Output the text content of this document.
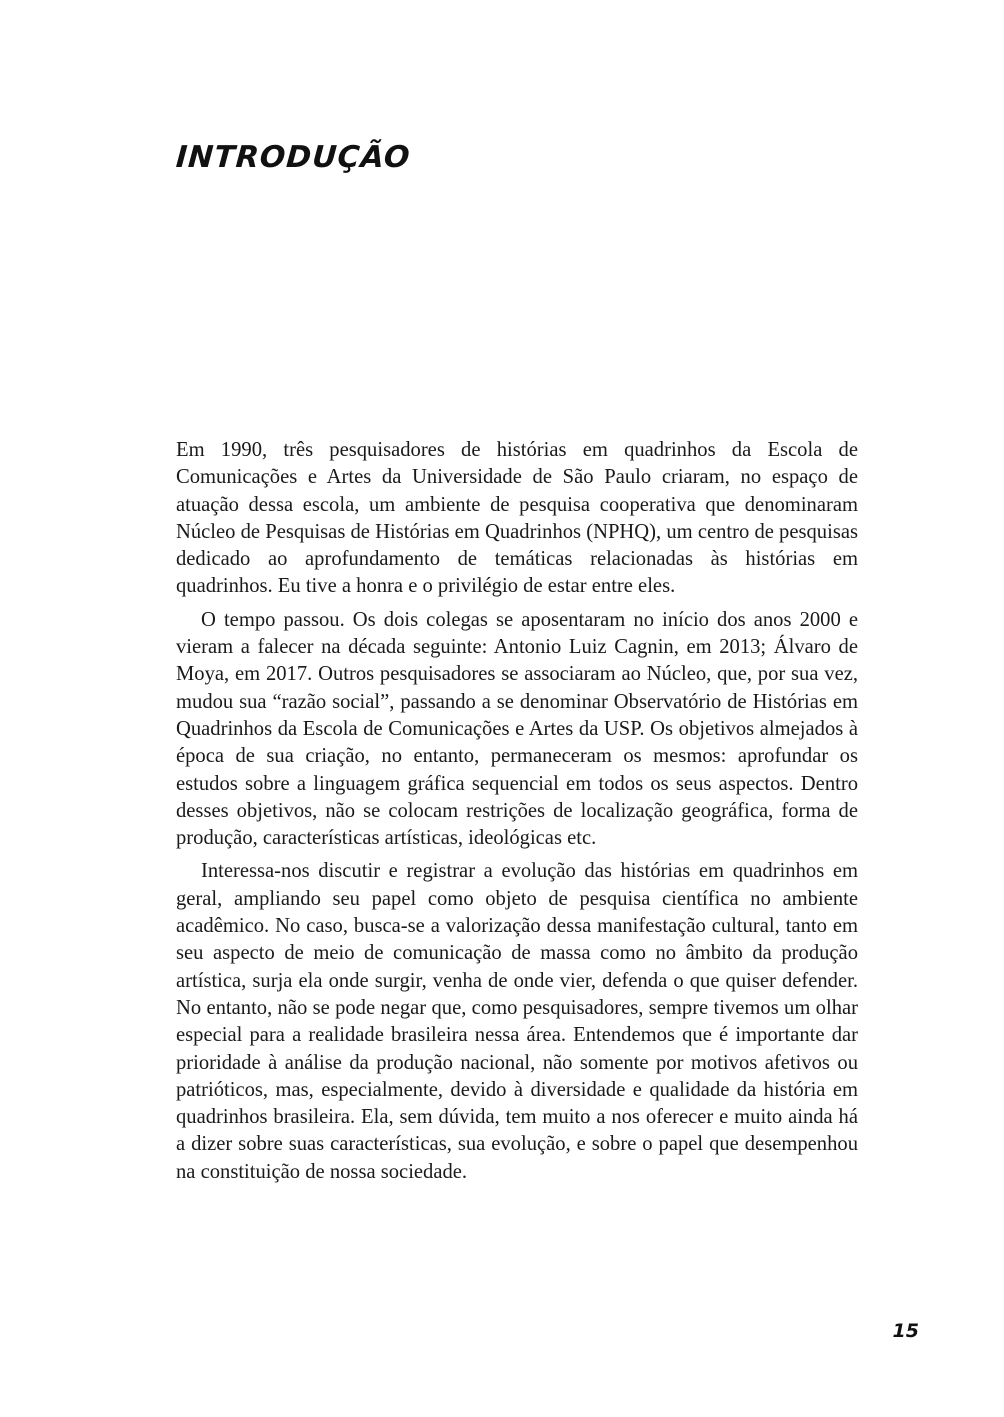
INTRODUÇÃO

Em 1990, três pesquisadores de histórias em quadrinhos da Escola de Comunicações e Artes da Universidade de São Paulo criaram, no espaço de atuação dessa escola, um ambiente de pesquisa cooperativa que denominaram Núcleo de Pesquisas de Histórias em Quadrinhos (NPHQ), um centro de pesquisas dedicado ao aprofundamento de temáticas relacionadas às histórias em quadrinhos. Eu tive a honra e o privilégio de estar entre eles.

O tempo passou. Os dois colegas se aposentaram no início dos anos 2000 e vieram a falecer na década seguinte: Antonio Luiz Cagnin, em 2013; Álvaro de Moya, em 2017. Outros pesquisadores se associaram ao Núcleo, que, por sua vez, mudou sua “razão social”, passando a se denominar Observatório de Histórias em Quadrinhos da Escola de Comunicações e Artes da USP. Os objetivos almejados à época de sua criação, no entanto, permaneceram os mesmos: aprofundar os estudos sobre a linguagem gráfica sequencial em todos os seus aspectos. Dentro desses objetivos, não se colocam restrições de localização geográfica, forma de produção, características artísticas, ideológicas etc.

Interessa-nos discutir e registrar a evolução das histórias em quadrinhos em geral, ampliando seu papel como objeto de pesquisa científica no ambiente acadêmico. No caso, busca-se a valorização dessa manifestação cultural, tanto em seu aspecto de meio de comunicação de massa como no âmbito da produção artística, surja ela onde surgir, venha de onde vier, defenda o que quiser defender. No entanto, não se pode negar que, como pesquisadores, sempre tivemos um olhar especial para a realidade brasileira nessa área. Entendemos que é importante dar prioridade à análise da produção nacional, não somente por motivos afetivos ou patrióticos, mas, especialmente, devido à diversidade e qualidade da história em quadrinhos brasileira. Ela, sem dúvida, tem muito a nos oferecer e muito ainda há a dizer sobre suas características, sua evolução, e sobre o papel que desempenhou na constituição de nossa sociedade.

15
